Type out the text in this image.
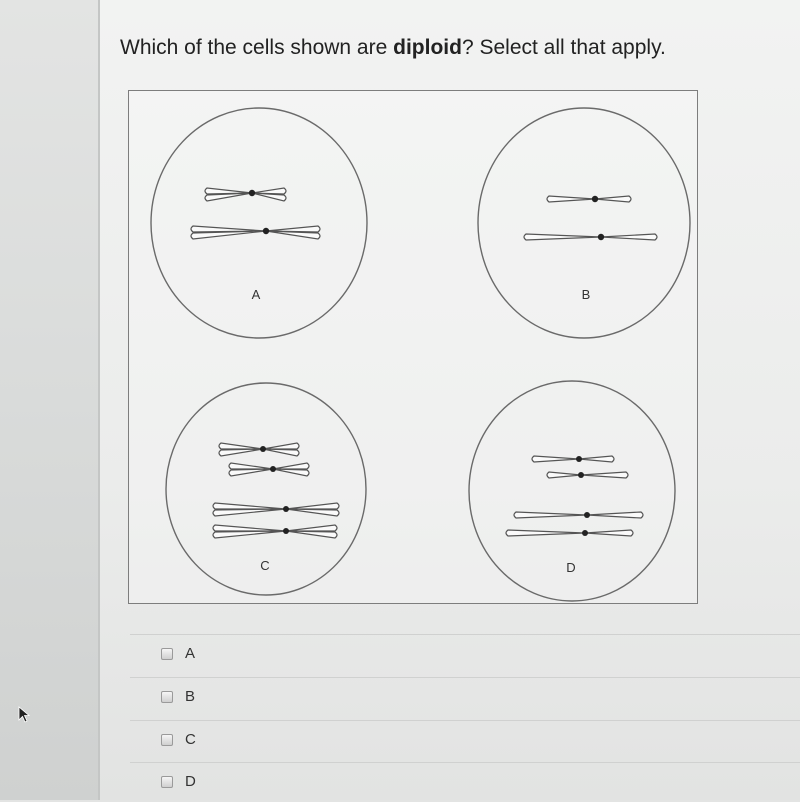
Which of the cells shown are diploid? Select all that apply.
A	B
C	D
A
B
C
D
